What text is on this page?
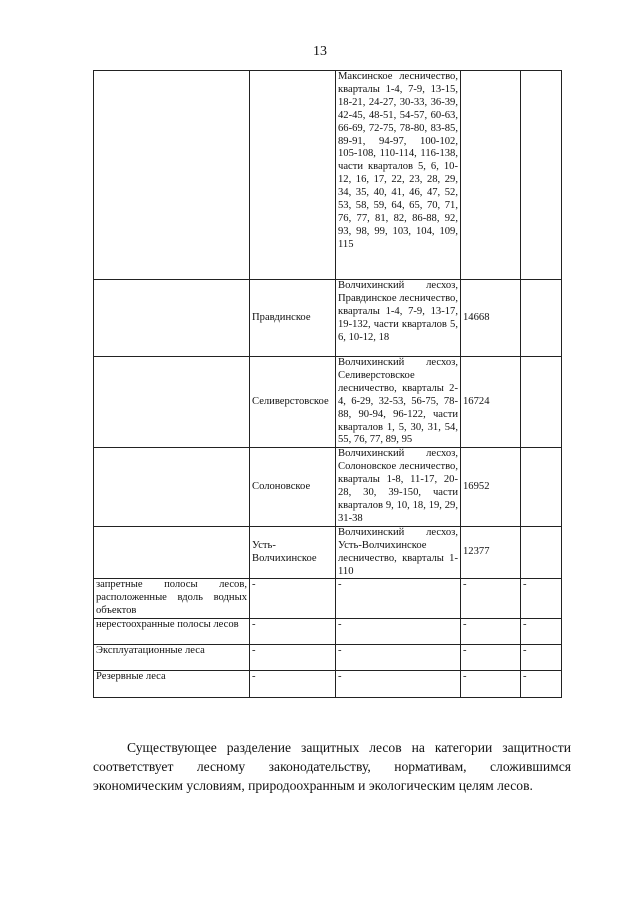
13
		Максинское лесничество, кварталы 1-4, 7-9, 13-15, 18-21, 24-27, 30-33, 36-39, 42-45, 48-51, 54-57, 60-63, 66-69, 72-75, 78-80, 83-85, 89-91, 94-97, 100-102, 105-108, 110-114, 116-138, части кварталов 5, 6, 10-12, 16, 17, 22, 23, 28, 29, 34, 35, 40, 41, 46, 47, 52, 53, 58, 59, 64, 65, 70, 71, 76, 77, 81, 82, 86-88, 92, 93, 98, 99, 103, 104, 109, 115		
	Правдинское	Волчихинский лесхоз, Правдинское лесничество, кварталы 1-4, 7-9, 13-17, 19-132, части кварталов 5, 6, 10-12, 18	14668	
	Селиверстовское	Волчихинский лесхоз, Селиверстовское лесничество, кварталы 2-4, 6-29, 32-53, 56-75, 78-88, 90-94, 96-122, части кварталов 1, 5, 30, 31, 54, 55, 76, 77, 89, 95	16724	
	Солоновское	Волчихинский лесхоз, Солоновское лесничество, кварталы 1-8, 11-17, 20-28, 30, 39-150, части кварталов 9, 10, 18, 19, 29, 31-38	16952	
	Усть-Волчихинское	Волчихинский лесхоз, Усть-Волчихинское лесничество, кварталы 1-110	12377	
запретные полосы лесов, расположенные вдоль водных объектов	-	-	-	-
нерестоохранные полосы лесов	-	-	-	-
Эксплуатационные леса	-	-	-	-
Резервные леса	-	-	-	-

Существующее разделение защитных лесов на категории защитности соответствует лесному законодательству, нормативам, сложившимся экономическим условиям, природоохранным и экологическим целям лесов.
